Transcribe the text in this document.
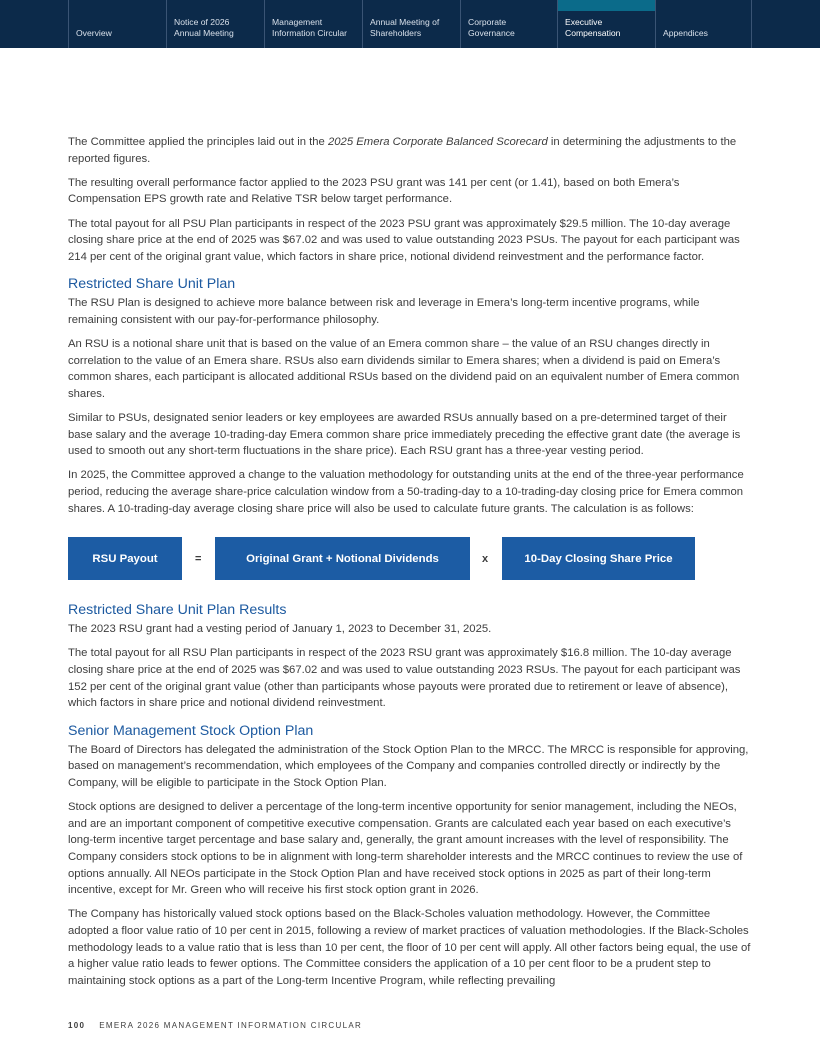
Overview
Notice of 2026
Annual Meeting
Management
Information Circular
Annual Meeting of
Shareholders
Corporate
Governance
Executive
Compensation	Appendices

The Committee applied the principles laid out in the 2025 Emera Corporate Balanced Scorecard in determining the adjustments to the reported figures.

The resulting overall performance factor applied to the 2023 PSU grant was 141 per cent (or 1.41), based on both Emera’s Compensation EPS growth rate and Relative TSR below target performance.

The total payout for all PSU Plan participants in respect of the 2023 PSU grant was approximately $29.5 million. The 10-day average closing share price at the end of 2025 was $67.02 and was used to value outstanding 2023 PSUs. The payout for each participant was 214 per cent of the original grant value, which factors in share price, notional dividend reinvestment and the performance factor.

Restricted Share Unit Plan

The RSU Plan is designed to achieve more balance between risk and leverage in Emera’s long-term incentive programs, while remaining consistent with our pay-for-performance philosophy.

An RSU is a notional share unit that is based on the value of an Emera common share – the value of an RSU changes directly in correlation to the value of an Emera share. RSUs also earn dividends similar to Emera shares; when a dividend is paid on Emera’s common shares, each participant is allocated additional RSUs based on the dividend paid on an equivalent number of Emera common shares.

Similar to PSUs, designated senior leaders or key employees are awarded RSUs annually based on a pre-determined target of their base salary and the average 10-trading-day Emera common share price immediately preceding the effective grant date (the average is used to smooth out any short-term fluctuations in the share price). Each RSU grant has a three-year vesting period.

In 2025, the Committee approved a change to the valuation methodology for outstanding units at the end of the three-year performance period, reducing the average share-price calculation window from a 50-trading-day to a 10-trading-day closing price for Emera common shares. A 10-trading-day average closing share price will also be used to calculate future grants. The calculation is as follows:

RSU Payout	=	Original Grant + Notional Dividends	x	10-Day Closing Share Price
Restricted Share Unit Plan Results

The 2023 RSU grant had a vesting period of January 1, 2023 to December 31, 2025.

The total payout for all RSU Plan participants in respect of the 2023 RSU grant was approximately $16.8 million. The 10-day average closing share price at the end of 2025 was $67.02 and was used to value outstanding 2023 RSUs. The payout for each participant was 152 per cent of the original grant value (other than participants whose payouts were prorated due to retirement or leave of absence), which factors in share price and notional dividend reinvestment.

Senior Management Stock Option Plan

The Board of Directors has delegated the administration of the Stock Option Plan to the MRCC. The MRCC is responsible for approving, based on management’s recommendation, which employees of the Company and companies controlled directly or indirectly by the Company, will be eligible to participate in the Stock Option Plan.

Stock options are designed to deliver a percentage of the long-term incentive opportunity for senior management, including the NEOs, and are an important component of competitive executive compensation. Grants are calculated each year based on each executive’s long-term incentive target percentage and base salary and, generally, the grant amount increases with the level of responsibility. The Company considers stock options to be in alignment with long-term shareholder interests and the MRCC continues to review the use of options annually. All NEOs participate in the Stock Option Plan and have received stock options in 2025 as part of their long-term incentive, except for Mr. Green who will receive his first stock option grant in 2026.

The Company has historically valued stock options based on the Black-Scholes valuation methodology. However, the Committee adopted a floor value ratio of 10 per cent in 2015, following a review of market practices of valuation methodologies. If the Black-Scholes methodology leads to a value ratio that is less than 10 per cent, the floor of 10 per cent will apply. All other factors being equal, the use of a higher value ratio leads to fewer options. The Committee considers the application of a 10 per cent floor to be a prudent step to maintaining stock options as a part of the Long-term Incentive Program, while reflecting prevailing

100 EMERA 2026 MANAGEMENT INFORMATION CIRCULAR
